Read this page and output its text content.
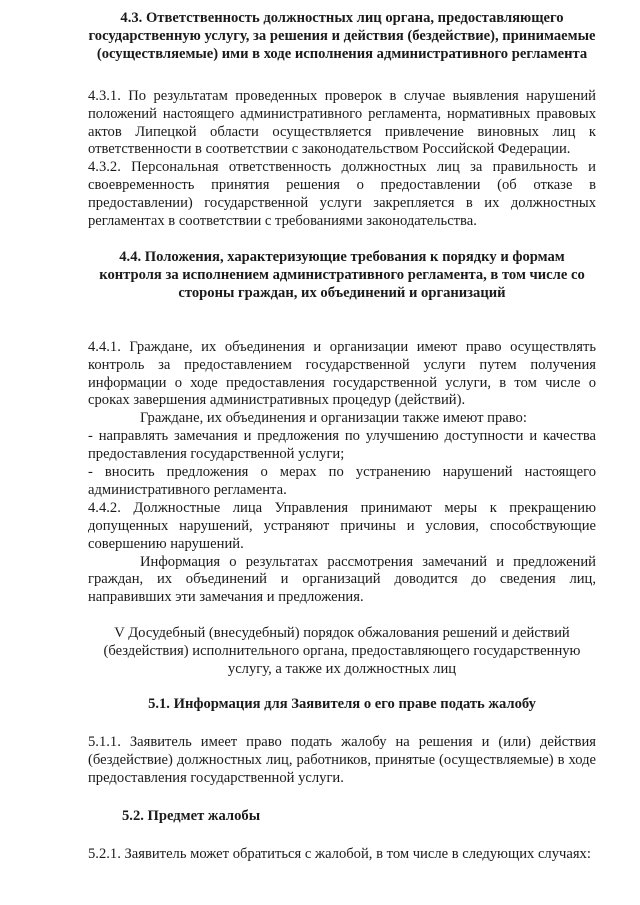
4.3. Ответственность должностных лиц органа, предоставляющего государственную услугу, за решения и действия (бездействие), принимаемые (осуществляемые) ими в ходе исполнения административного регламента

4.3.1. По результатам проведенных проверок в случае выявления нарушений положений настоящего административного регламента, нормативных правовых актов Липецкой области осуществляется привлечение виновных лиц к ответственности в соответствии с законодательством Российской Федерации.

4.3.2. Персональная ответственность должностных лиц за правильность и своевременность принятия решения о предоставлении (об отказе в предоставлении) государственной услуги закрепляется в их должностных регламентах в соответствии с требованиями законодательства.

4.4. Положения, характеризующие требования к порядку и формам контроля за исполнением административного регламента, в том числе со стороны граждан, их объединений и организаций

4.4.1. Граждане, их объединения и организации имеют право осуществлять контроль за предоставлением государственной услуги путем получения информации о ходе предоставления государственной услуги, в том числе о сроках завершения административных процедур (действий).

Граждане, их объединения и организации также имеют право:

- направлять замечания и предложения по улучшению доступности и качества предоставления государственной услуги;

- вносить предложения о мерах по устранению нарушений настоящего административного регламента.

4.4.2. Должностные лица Управления принимают меры к прекращению допущенных нарушений, устраняют причины и условия, способствующие совершению нарушений.

Информация о результатах рассмотрения замечаний и предложений граждан, их объединений и организаций доводится до сведения лиц, направивших эти замечания и предложения.

V Досудебный (внесудебный) порядок обжалования решений и действий (бездействия) исполнительного органа, предоставляющего государственную услугу, а также их должностных лиц

5.1. Информация для Заявителя о его праве подать жалобу

5.1.1. Заявитель имеет право подать жалобу на решения и (или) действия (бездействие) должностных лиц, работников, принятые (осуществляемые) в ходе предоставления государственной услуги.

5.2. Предмет жалобы

5.2.1. Заявитель может обратиться с жалобой, в том числе в следующих случаях:
